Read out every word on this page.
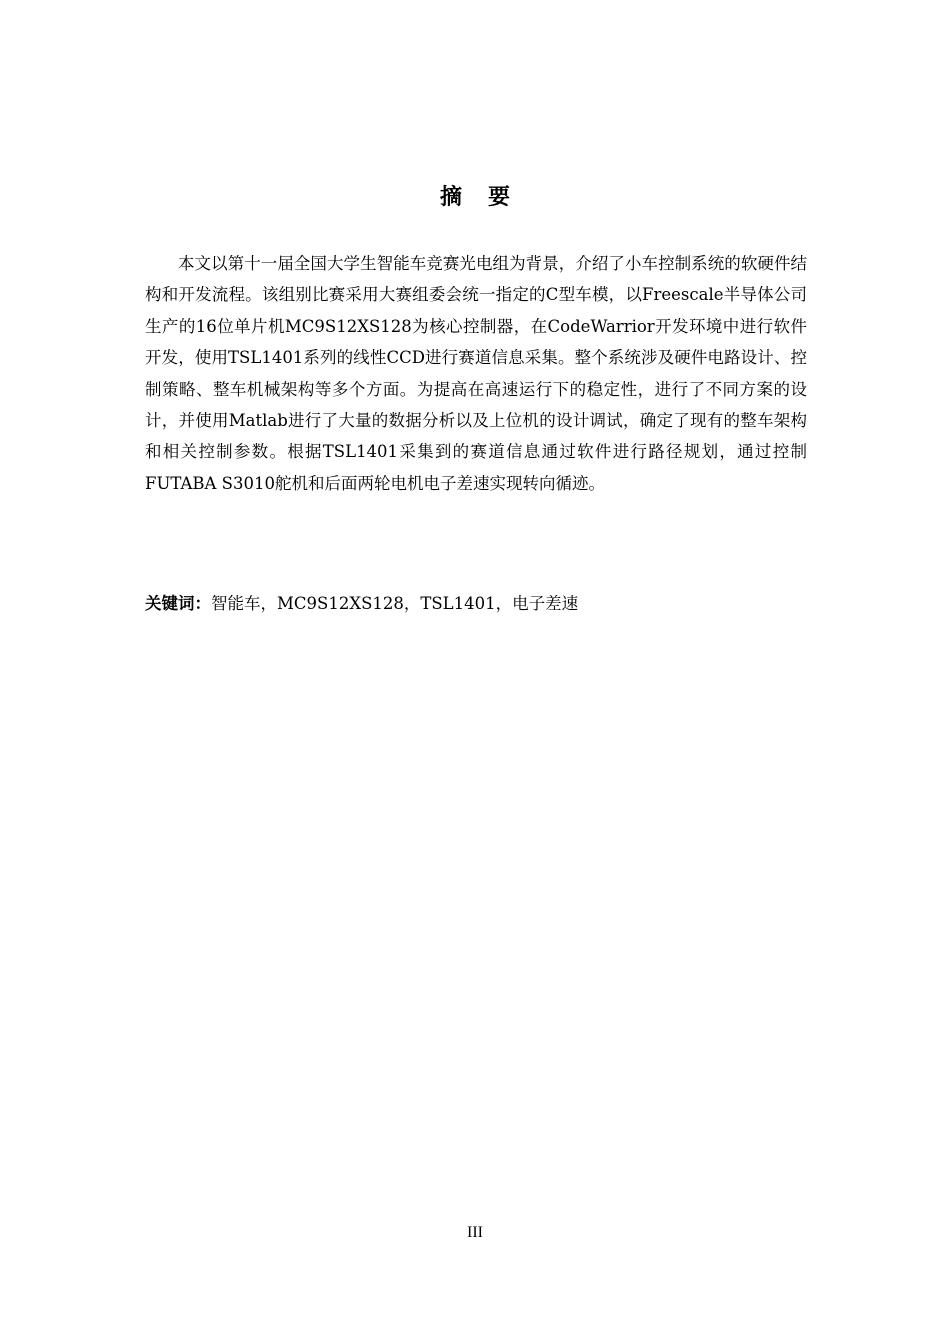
摘要

本文以第十一届全国大学生智能车竞赛光电组为背景，介绍了小车控制系统的软硬件结构和开发流程。该组别比赛采用大赛组委会统一指定的C型车模，以Freescale半导体公司生产的16位单片机MC9S12XS128为核心控制器，在CodeWarrior开发环境中进行软件开发，使用TSL1401系列的线性CCD进行赛道信息采集。整个系统涉及硬件电路设计、控制策略、整车机械架构等多个方面。为提高在高速运行下的稳定性，进行了不同方案的设计，并使用Matlab进行了大量的数据分析以及上位机的设计调试，确定了现有的整车架构和相关控制参数。根据TSL1401采集到的赛道信息通过软件进行路径规划，通过控制FUTABA S3010舵机和后面两轮电机电子差速实现转向循迹。

关键词：智能车，MC9S12XS128，TSL1401，电子差速
III
